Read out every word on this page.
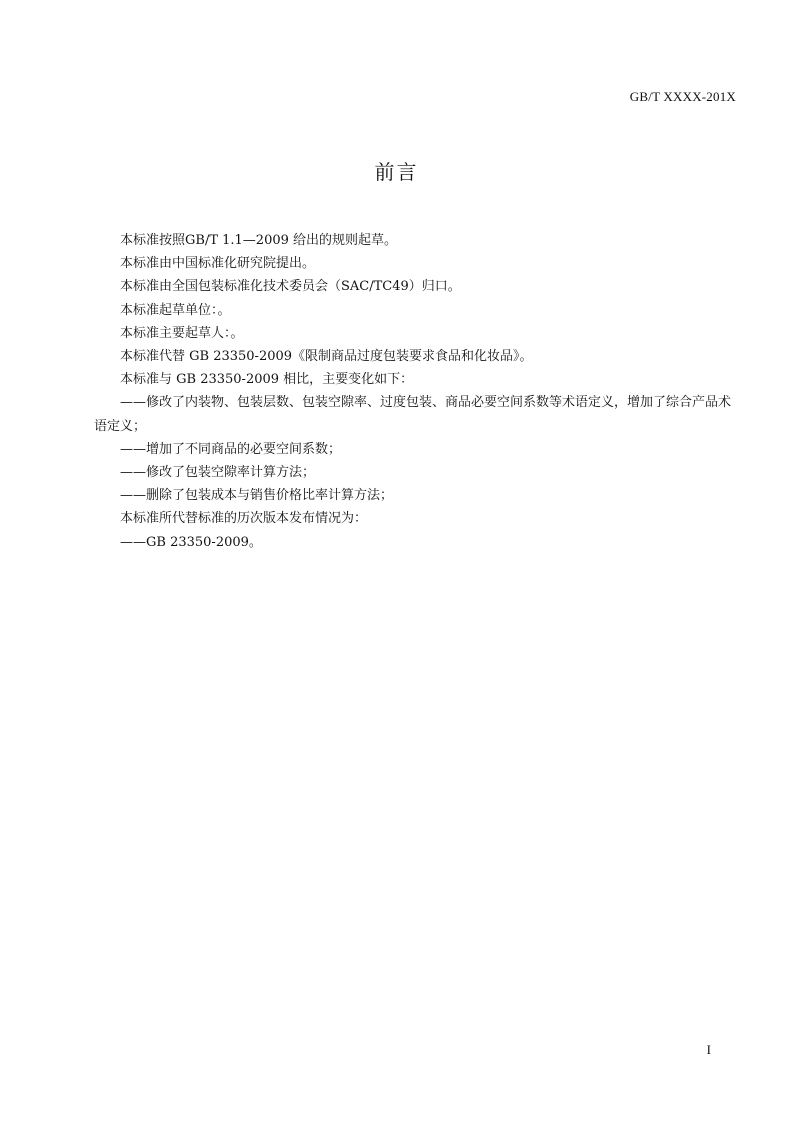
GB/T XXXX-201X
前言

本标准按照GB/T 1.1—2009 给出的规则起草。

本标准由中国标准化研究院提出。

本标准由全国包装标准化技术委员会（SAC/TC49）归口。

本标准起草单位：。

本标准主要起草人：。

本标准代替 GB 23350-2009《限制商品过度包装要求食品和化妆品》。

本标准与 GB 23350-2009 相比，主要变化如下：

——修改了内装物、包装层数、包装空隙率、过度包装、商品必要空间系数等术语定义，增加了综合产品术语定义；

——增加了不同商品的必要空间系数；

——修改了包装空隙率计算方法；

——删除了包装成本与销售价格比率计算方法；

本标准所代替标准的历次版本发布情况为：

——GB 23350-2009。

I
